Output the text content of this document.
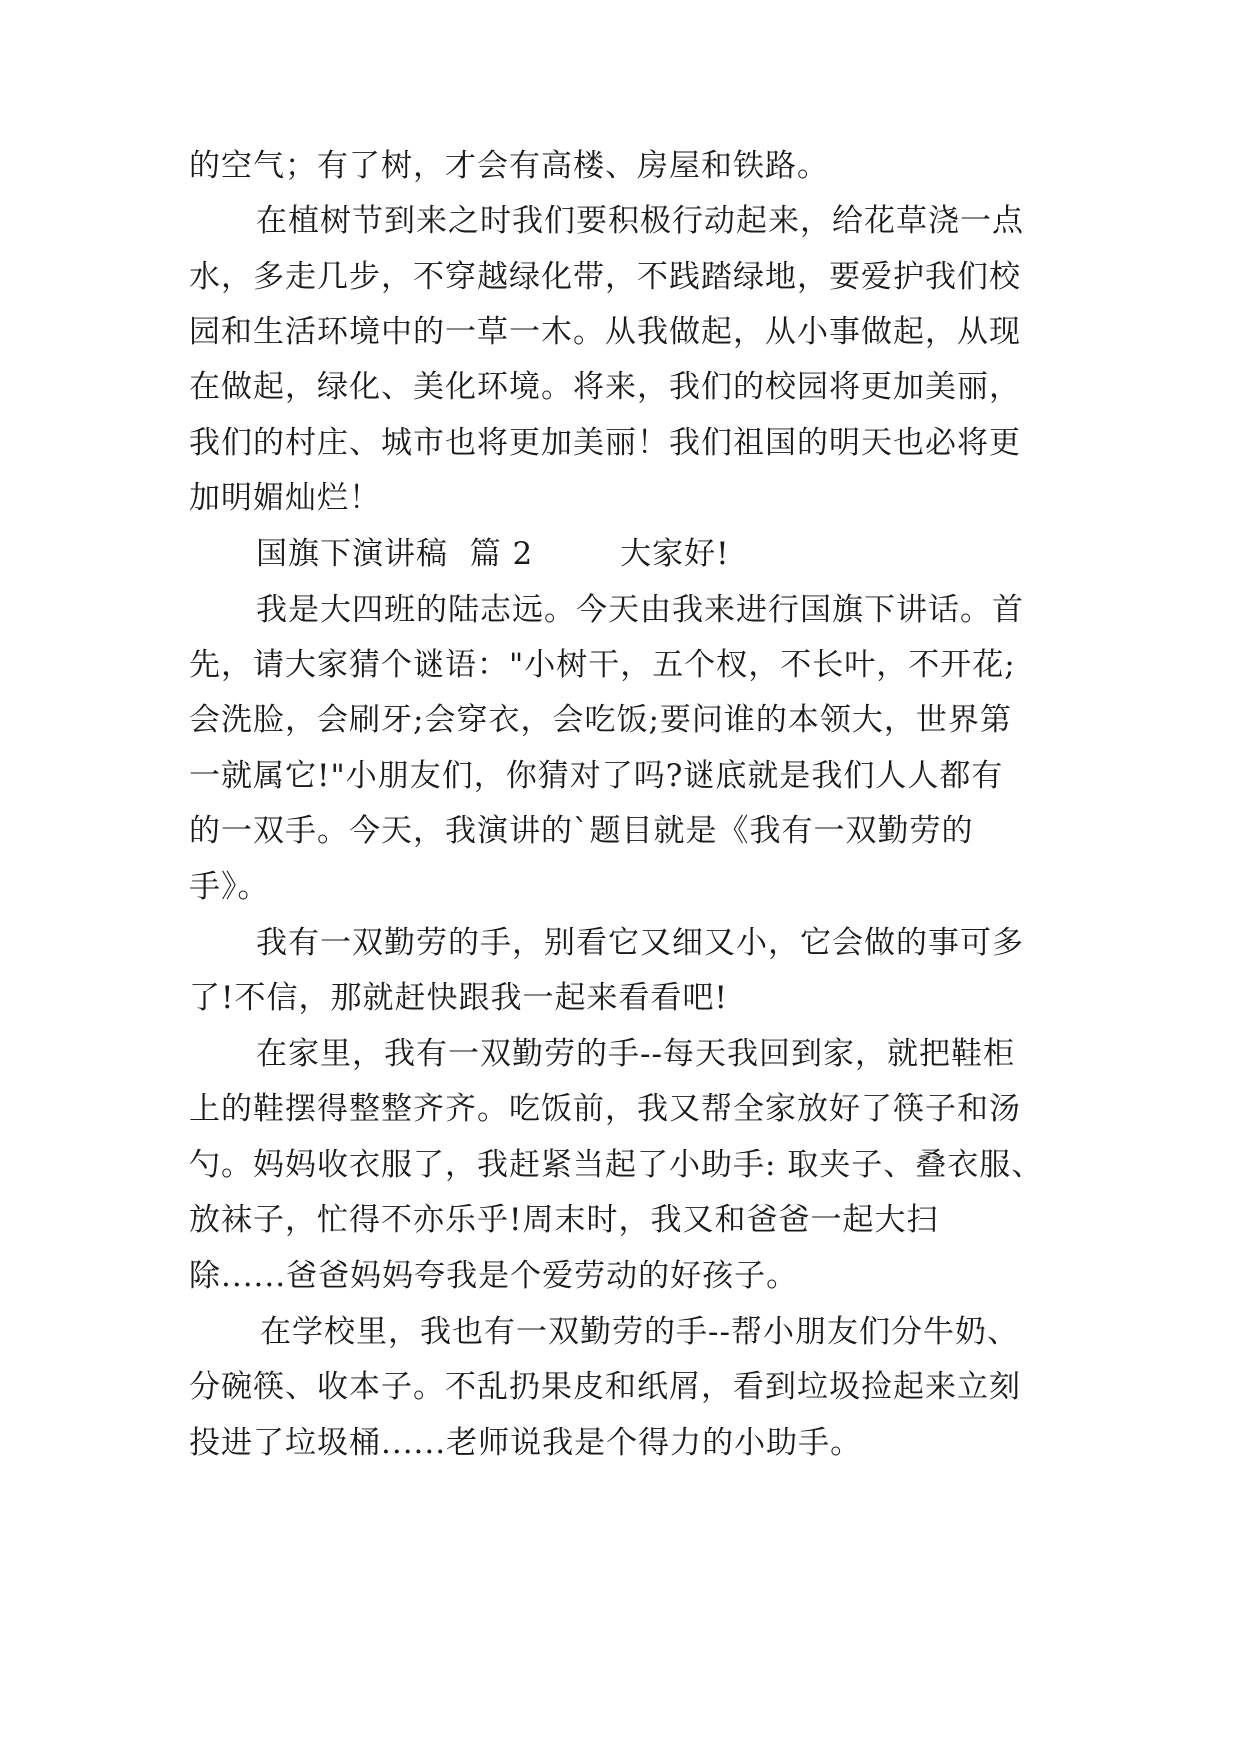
的空气；有了树，才会有高楼、房屋和铁路。
在植树节到来之时我们要积极行动起来，给花草浇一点
水，多走几步，不穿越绿化带，不践踏绿地，要爱护我们校
园和生活环境中的一草一木。从我做起，从小事做起，从现
在做起，绿化、美化环境。将来，我们的校园将更加美丽，
我们的村庄、城市也将更加美丽！我们祖国的明天也必将更
加明媚灿烂！
国旗下演讲稿  篇 2        大家好!
我是大四班的陆志远。今天由我来进行国旗下讲话。首
先，请大家猜个谜语："小树干，五个杈，不长叶，不开花;
会洗脸，会刷牙;会穿衣，会吃饭;要问谁的本领大，世界第
一就属它!"小朋友们，你猜对了吗?谜底就是我们人人都有
的一双手。今天，我演讲的`题目就是《我有一双勤劳的
手》。
我有一双勤劳的手，别看它又细又小，它会做的事可多
了!不信，那就赶快跟我一起来看看吧!
在家里，我有一双勤劳的手--每天我回到家，就把鞋柜
上的鞋摆得整整齐齐。吃饭前，我又帮全家放好了筷子和汤
勺。妈妈收衣服了，我赶紧当起了小助手: 取夹子、叠衣服、
放袜子，忙得不亦乐乎!周末时，我又和爸爸一起大扫
除......爸爸妈妈夸我是个爱劳动的好孩子。
在学校里，我也有一双勤劳的手--帮小朋友们分牛奶、
分碗筷、收本子。不乱扔果皮和纸屑，看到垃圾捡起来立刻
投进了垃圾桶......老师说我是个得力的小助手。
